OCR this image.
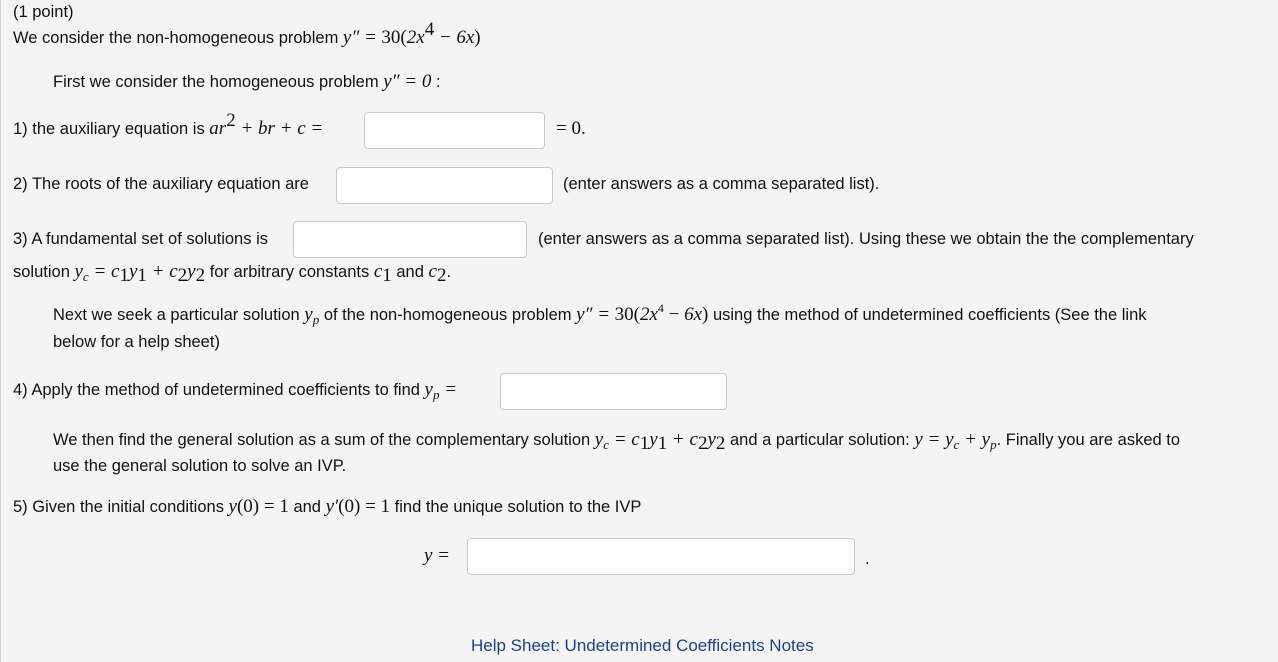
(1 point)
We consider the non-homogeneous problem $y'' = 30(2x^4 - 6x)$
First we consider the homogeneous problem y″ = 0 :
1) the auxiliary equation is $ar^2$ + br + c =	= 0.
2) The roots of the auxiliary equation are	(enter answers as a comma separated list).
3) A fundamental set of solutions is	(enter answers as a comma separated list). Using these we obtain the the complementary
solution $y_c = c_1y_1 + c_2y_2$ for arbitrary constants $c_1$ and $c_2$.
Next we seek a particular solution $y_p$ of the non-homogeneous problem $y'' = 30(2x^4 - 6x)$ using the method of undetermined coefficients (See the link
below for a help sheet)
4) Apply the method of undetermined coefficients to find $y_p$ =
We then find the general solution as a sum of the complementary solution $y_c = c_1y_1 + c_2y_2$ and a particular solution: $y = y_c + y_p$. Finally you are asked to
use the general solution to solve an IVP.
5) Given the initial conditions y(0) = 1 and y′(0) = 1 find the unique solution to the IVP
y =	.
Help Sheet: Undetermined Coefficients Notes
